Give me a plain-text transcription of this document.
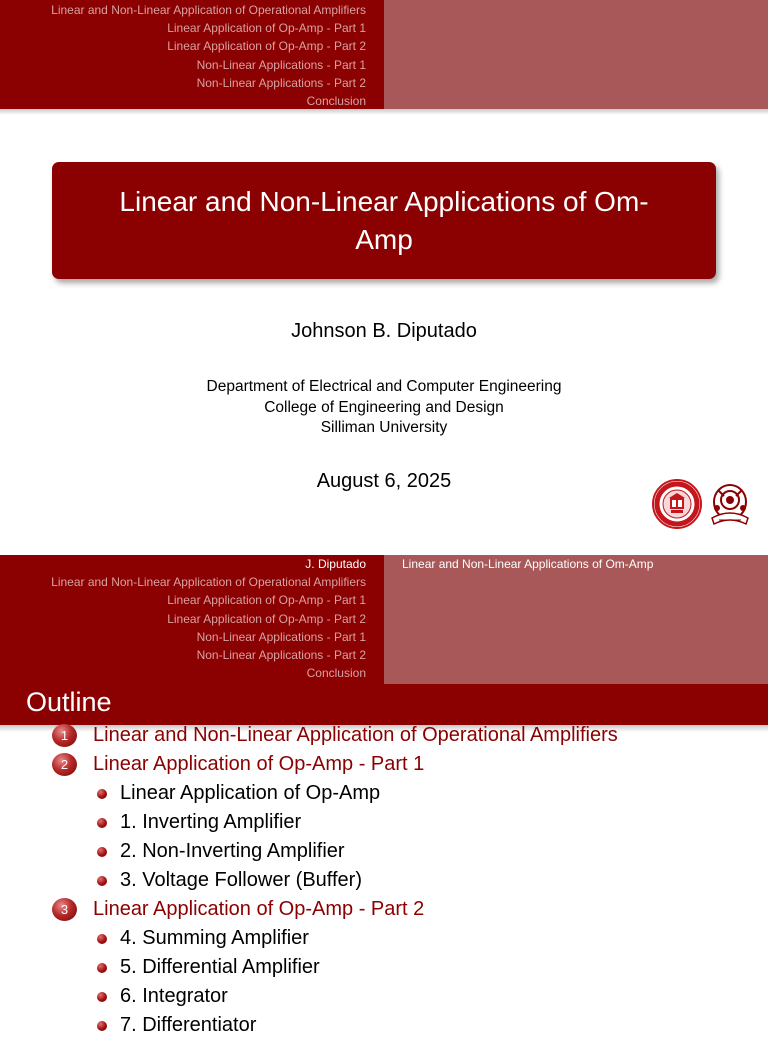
Linear and Non-Linear Application of Operational Amplifiers
Linear Application of Op-Amp - Part 1
Linear Application of Op-Amp - Part 2
Non-Linear Applications - Part 1
Non-Linear Applications - Part 2
Conclusion
Linear and Non-Linear Applications of Om-Amp
Johnson B. Diputado
Department of Electrical and Computer Engineering
College of Engineering and Design
Silliman University
August 6, 2025
J. Diputado
Linear and Non-Linear Application of Operational Amplifiers
Linear Application of Op-Amp - Part 1
Linear Application of Op-Amp - Part 2
Non-Linear Applications - Part 1
Non-Linear Applications - Part 2
Conclusion
Linear and Non-Linear Applications of Om-Amp
Outline
1	Linear and Non-Linear Application of Operational Amplifiers
2	Linear Application of Op-Amp - Part 1
Linear Application of Op-Amp
1. Inverting Amplifier
2. Non-Inverting Amplifier
3. Voltage Follower (Buffer)
3	Linear Application of Op-Amp - Part 2
4. Summing Amplifier
5. Differential Amplifier
6. Integrator
7. Differentiator
